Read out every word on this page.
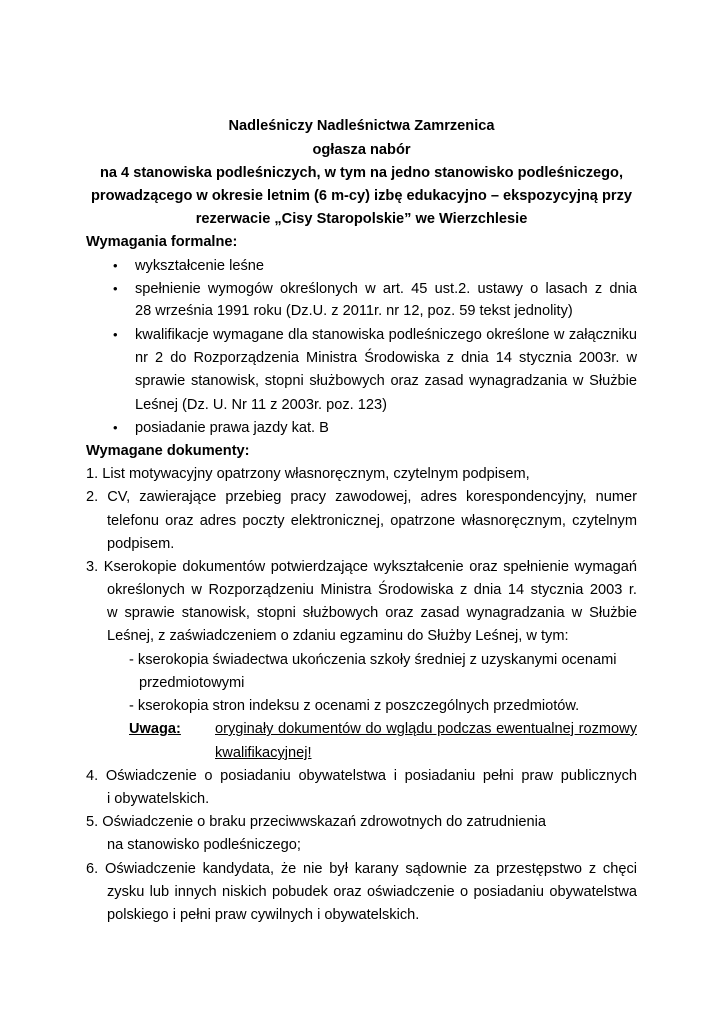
Nadleśniczy Nadleśnictwa Zamrzenica
ogłasza nabór
na 4 stanowiska podleśniczych, w tym na jedno stanowisko podleśniczego,
prowadzącego w okresie letnim (6 m-cy) izbę edukacyjno – ekspozycyjną przy
rezerwacie „Cisy Staropolskie” we Wierzchlesie
Wymagania formalne:
• wykształcenie leśne
• spełnienie wymogów określonych w art. 45 ust.2. ustawy o lasach z dnia
28 września 1991 roku (Dz.U. z 2011r. nr 12, poz. 59 tekst jednolity)
• kwalifikacje wymagane dla stanowiska podleśniczego określone w załączniku
nr 2 do Rozporządzenia Ministra Środowiska z dnia 14 stycznia 2003r. w
sprawie stanowisk, stopni służbowych oraz zasad wynagradzania w Służbie
Leśnej (Dz. U. Nr 11 z 2003r. poz. 123)
• posiadanie prawa jazdy kat. B
Wymagane dokumenty:
1. List motywacyjny opatrzony własnoręcznym, czytelnym podpisem,
2. CV, zawierające przebieg pracy zawodowej, adres korespondencyjny, numer
telefonu oraz adres poczty elektronicznej, opatrzone własnoręcznym, czytelnym
podpisem.
3. Kserokopie dokumentów potwierdzające wykształcenie oraz spełnienie wymagań
określonych w Rozporządzeniu Ministra Środowiska z dnia 14 stycznia 2003 r.
w sprawie stanowisk, stopni służbowych oraz zasad wynagradzania w Służbie
Leśnej, z zaświadczeniem o zdaniu egzaminu do Służby Leśnej, w tym:
- kserokopia świadectwa ukończenia szkoły średniej z uzyskanymi ocenami
przedmiotowymi
- kserokopia stron indeksu z ocenami z poszczególnych przedmiotów.
Uwaga: oryginały dokumentów do wglądu podczas ewentualnej rozmowy
kwalifikacyjnej!
4. Oświadczenie o posiadaniu obywatelstwa i posiadaniu pełni praw publicznych
i obywatelskich.
5. Oświadczenie o braku przeciwwskazań zdrowotnych do zatrudnienia
na stanowisko podleśniczego;
6. Oświadczenie kandydata, że nie był karany sądownie za przestępstwo z chęci
zysku lub innych niskich pobudek oraz oświadczenie o posiadaniu obywatelstwa
polskiego i pełni praw cywilnych i obywatelskich.
